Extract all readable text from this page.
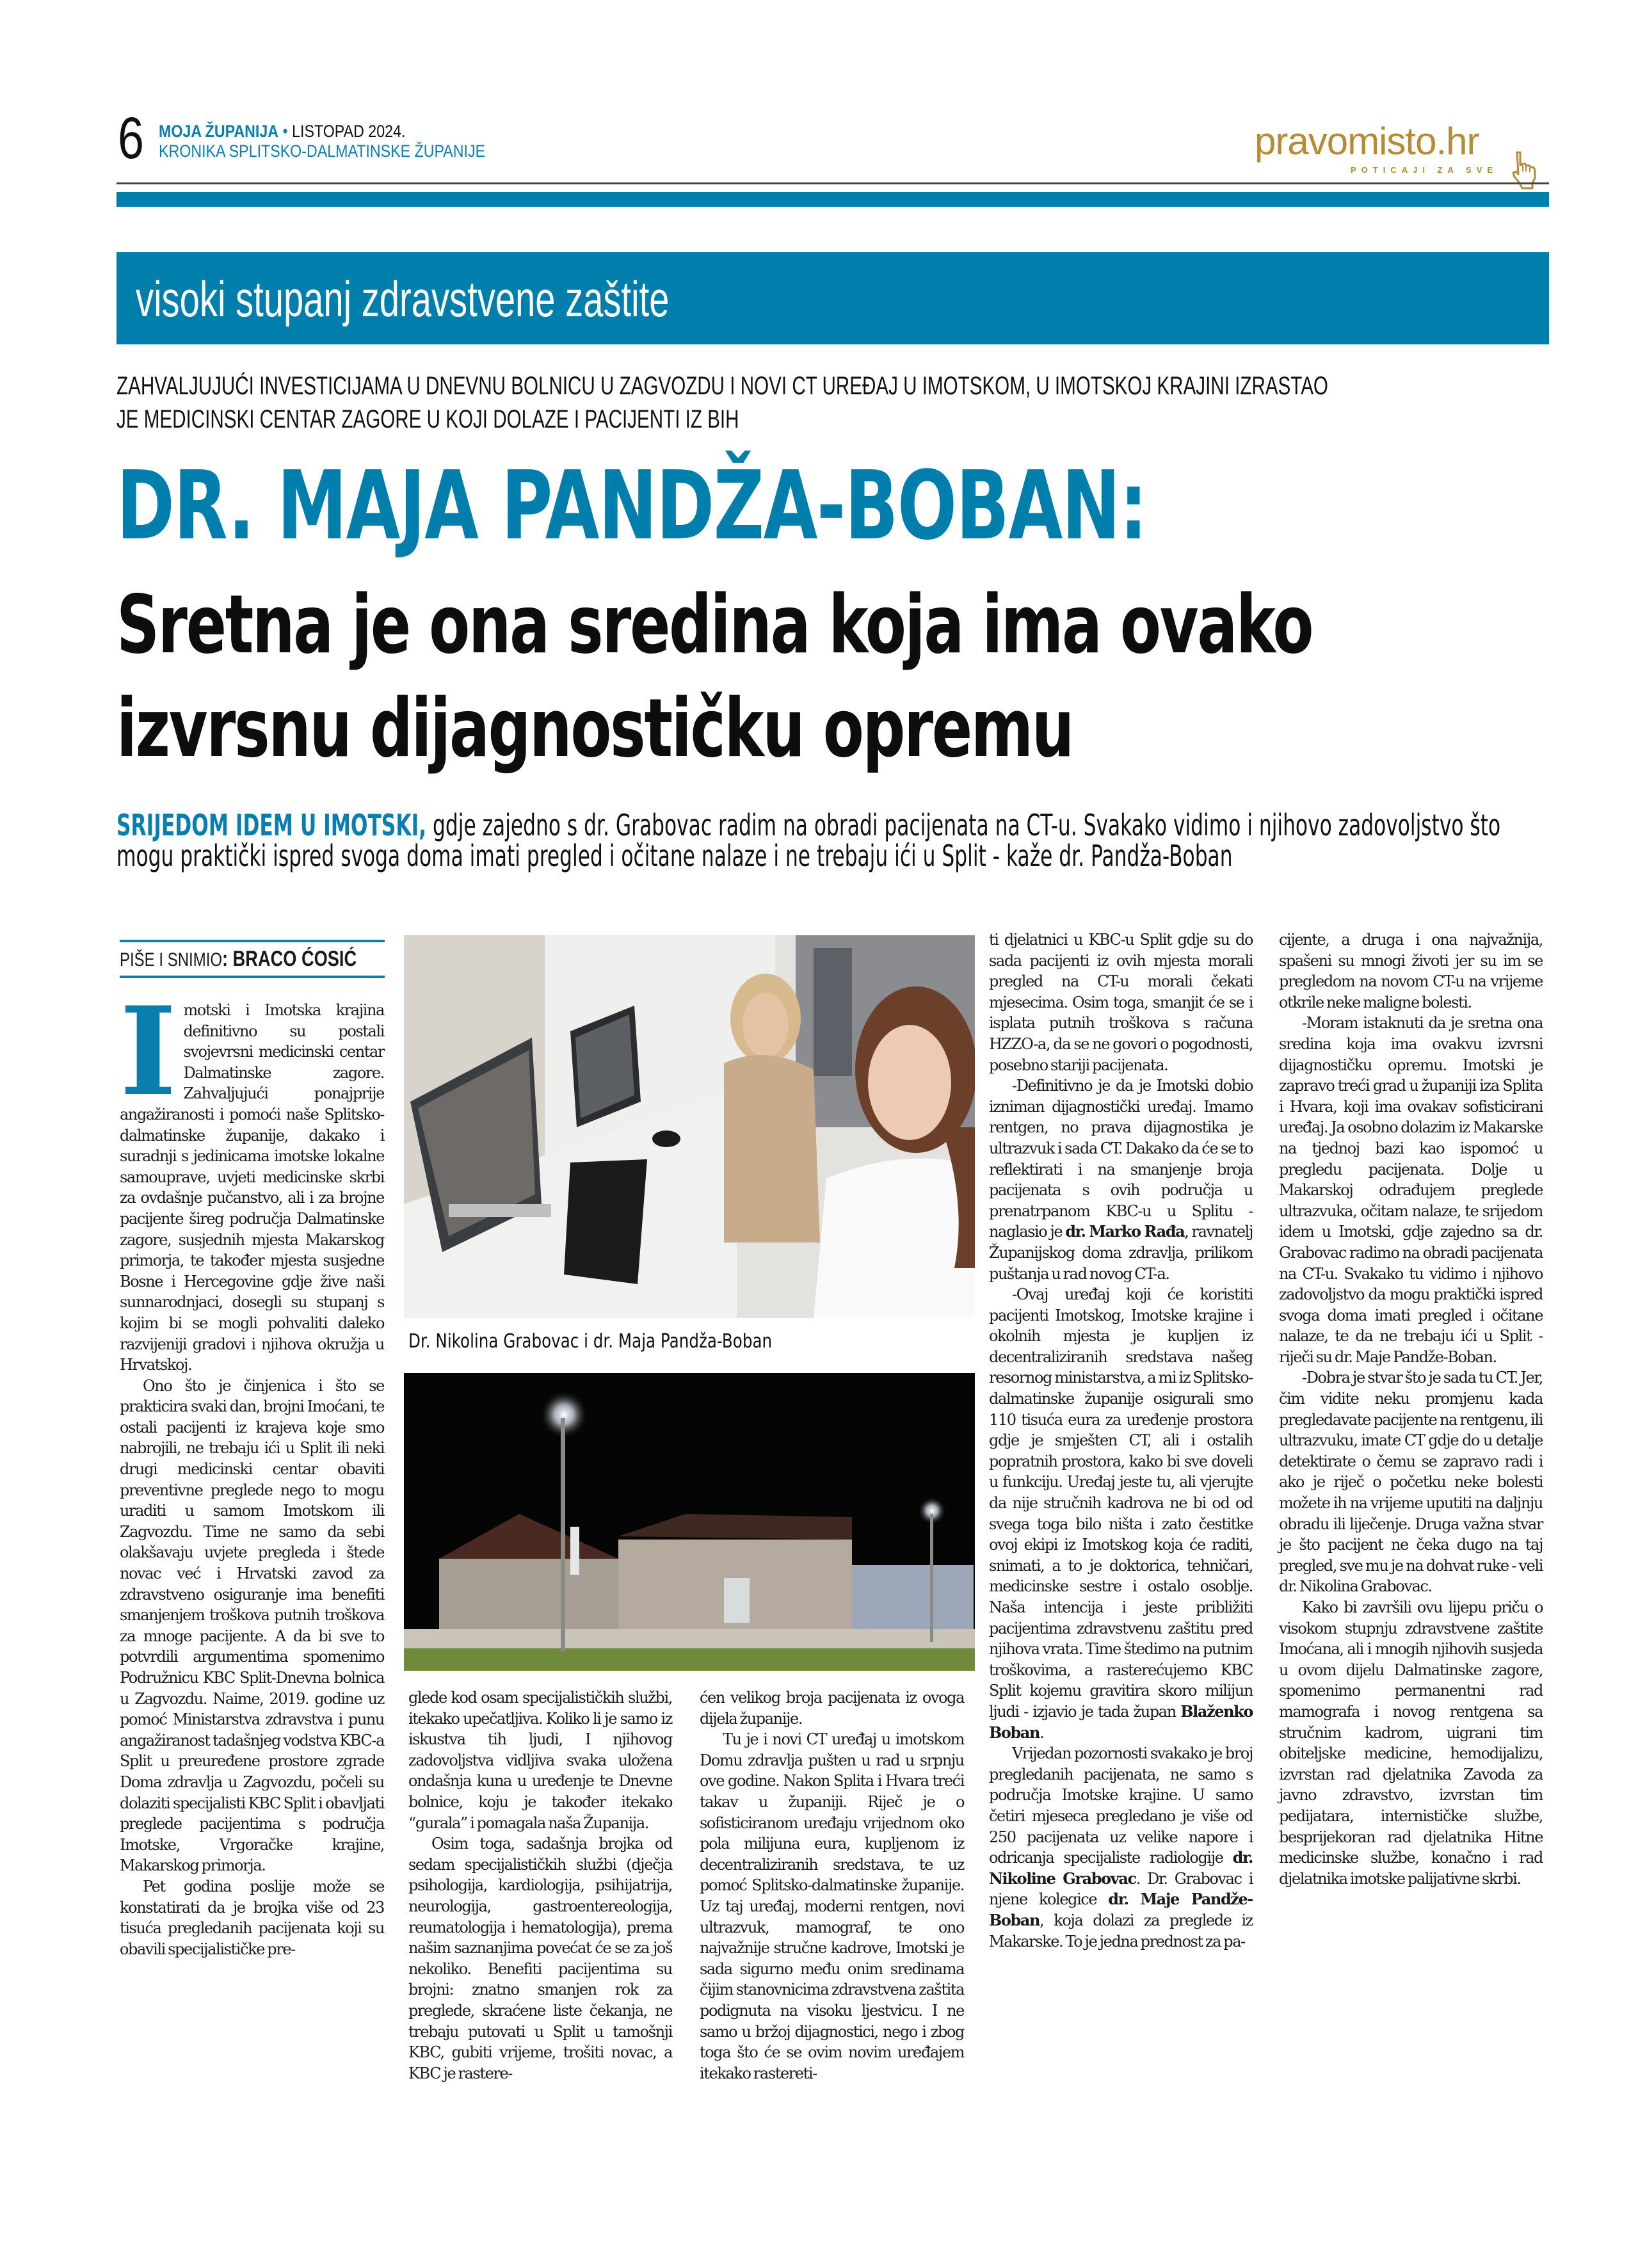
6 MOJA ŽUPANIJA • LISTOPAD 2024.
KRONIKA SPLITSKO-DALMATINSKE ŽUPANIJE	pravomisto.hr
POTICAJI ZA SVE
visoki stupanj zdravstvene zaštite
ZAHVALJUJUĆI INVESTICIJAMA U DNEVNU BOLNICU U ZAGVOZDU I NOVI CT UREĐAJ U IMOTSKOM, U IMOTSKOJ KRAJINI IZRASTAO JE MEDICINSKI CENTAR ZAGORE U KOJI DOLAZE I PACIJENTI IZ BIH
DR. MAJA PANDŽA-BOBAN:
Sretna je ona sredina koja ima ovako izvrsnu dijagnostičku opremu
SRIJEDOM IDEM U IMOTSKI, gdje zajedno s dr. Grabovac radim na obradi pacijenata na CT-u. Svakako vidimo i njihovo zadovoljstvo što mogu praktički ispred svoga doma imati pregled i očitane nalaze i ne trebaju ići u Split - kaže dr. Pandža-Boban
PIŠE I SNIMIO: BRACO ĆOSIĆ

Imotski i Imotska krajina definitivno su postali svojevrsni medicinski centar Dalmatinske zagore. Zahvaljujući ponajprije angažiranosti i pomoći naše Splitsko-dalmatinske županije, dakako i suradnji s jedinicama imotske lokalne samouprave, uvjeti medicinske skrbi za ovdašnje pučanstvo, ali i za brojne pacijente šireg područja Dalmatinske zagore, susjednih mjesta Makarskog primorja, te također mjesta susjedne Bosne i Hercegovine gdje žive naši sunnarodnjaci, dosegli su stupanj s kojim bi se mogli pohvaliti daleko razvijeniji gradovi i njihova okružja u Hrvatskoj.

Ono što je činjenica i što se prakticira svaki dan, brojni Imoćani, te ostali pacijenti iz krajeva koje smo nabrojili, ne trebaju ići u Split ili neki drugi medicinski centar obaviti preventivne preglede nego to mogu uraditi u samom Imotskom ili Zagvozdu. Time ne samo da sebi olakšavaju uvjete pregleda i štede novac već i Hrvatski zavod za zdravstveno osiguranje ima benefiti smanjenjem troškova putnih troškova za mnoge pacijente. A da bi sve to potvrdili argumentima spomenimo Podružnicu KBC Split-Dnevna bolnica u Zagvozdu. Naime, 2019. godine uz pomoć Ministarstva zdravstva i punu angažiranost tadašnjeg vodstva KBC-a Split u preuređene prostore zgrade Doma zdravlja u Zagvozdu, počeli su dolaziti specijalisti KBC Split i obavljati preglede pacijentima s područja Imotske, Vrgoračke krajine, Makarskog primorja.

Pet godina poslije može se konstatirati da je brojka više od 23 tisuća pregledanih pacijenata koji su obavili specijalističke pre-

Dr. Nikolina Grabovac i dr. Maja Pandža-Boban

glede kod osam specijalističkih službi, itekako upečatljiva. Koliko li je samo iz iskustva tih ljudi, I njihovog zadovoljstva vidljiva svaka uložena ondašnja kuna u uređenje te Dnevne bolnice, koju je također itekako “gurala” i pomagala naša Županija.

Osim toga, sadašnja brojka od sedam specijalističkih službi (dječja psihologija, kardiologija, psihijatrija, neurologija, gastroentereologija, reumatologija i hematologija), prema našim saznanjima povećat će se za još nekoliko. Benefiti pacijentima su brojni: znatno smanjen rok za preglede, skraćene liste čekanja, ne trebaju putovati u Split u tamošnji KBC, gubiti vrijeme, trošiti novac, a KBC je rastere-

ćen velikog broja pacijenata iz ovoga dijela županije.

Tu je i novi CT uređaj u imotskom Domu zdravlja pušten u rad u srpnju ove godine. Nakon Splita i Hvara treći takav u županiji. Riječ je o sofisticiranom uređaju vrijednom oko pola milijuna eura, kupljenom iz decentraliziranih sredstava, te uz pomoć Splitsko-dalmatinske županije. Uz taj uređaj, moderni rentgen, novi ultrazvuk, mamograf, te ono najvažnije stručne kadrove, Imotski je sada sigurno među onim sredinama čijim stanovnicima zdravstvena zaštita podignuta na visoku ljestvicu. I ne samo u bržoj dijagnostici, nego i zbog toga što će se ovim novim uređajem itekako rastereti-

ti djelatnici u KBC-u Split gdje su do sada pacijenti iz ovih mjesta morali pregled na CT-u morali čekati mjesecima. Osim toga, smanjit će se i isplata putnih troškova s računa HZZO-a, da se ne govori o pogodnosti, posebno stariji pacijenata.

-Definitivno je da je Imotski dobio izniman dijagnostički uređaj. Imamo rentgen, no prava dijagnostika je ultrazvuk i sada CT. Dakako da će se to reflektirati i na smanjenje broja pacijenata s ovih područja u prenatrpanom KBC-u u Splitu - naglasio je dr. Marko Rađa, ravnatelj Županijskog doma zdravlja, prilikom puštanja u rad novog CT-a.

-Ovaj uređaj koji će koristiti pacijenti Imotskog, Imotske krajine i okolnih mjesta je kupljen iz decentraliziranih sredstava našeg resornog ministarstva, a mi iz Splitsko-dalmatinske županije osigurali smo 110 tisuća eura za uređenje prostora gdje je smješten CT, ali i ostalih popratnih prostora, kako bi sve doveli u funkciju. Uređaj jeste tu, ali vjerujte da nije stručnih kadrova ne bi od od svega toga bilo ništa i zato čestitke ovoj ekipi iz Imotskog koja će raditi, snimati, a to je doktorica, tehničari, medicinske sestre i ostalo osoblje. Naša intencija i jeste približiti pacijentima zdravstvenu zaštitu pred njihova vrata. Time štedimo na putnim troškovima, a rasterećujemo KBC Split kojemu gravitira skoro milijun ljudi - izjavio je tada župan Blaženko Boban.

Vrijedan pozornosti svakako je broj pregledanih pacijenata, ne samo s područja Imotske krajine. U samo četiri mjeseca pregledano je više od 250 pacijenata uz velike napore i odricanja specijaliste radiologije dr. Nikoline Grabovac. Dr. Grabovac i njene kolegice dr. Maje Pandže-Boban, koja dolazi za preglede iz Makarske. To je jedna prednost za pa-

cijente, a druga i ona najvažnija, spašeni su mnogi životi jer su im se pregledom na novom CT-u na vrijeme otkrile neke maligne bolesti.

-Moram istaknuti da je sretna ona sredina koja ima ovakvu izvrsni dijagnostičku opremu. Imotski je zapravo treći grad u županiji iza Splita i Hvara, koji ima ovakav sofisticirani uređaj. Ja osobno dolazim iz Makarske na tjednoj bazi kao ispomoć u pregledu pacijenata. Dolje u Makarskoj odrađujem preglede ultrazvuka, očitam nalaze, te srijedom idem u Imotski, gdje zajedno sa dr. Grabovac radimo na obradi pacijenata na CT-u. Svakako tu vidimo i njihovo zadovoljstvo da mogu praktički ispred svoga doma imati pregled i očitane nalaze, te da ne trebaju ići u Split - riječi su dr. Maje Pandže-Boban.

-Dobra je stvar što je sada tu CT. Jer, čim vidite neku promjenu kada pregledavate pacijente na rentgenu, ili ultrazvuku, imate CT gdje do u detalje detektirate o čemu se zapravo radi i ako je riječ o početku neke bolesti možete ih na vrijeme uputiti na daljnju obradu ili liječenje. Druga važna stvar je što pacijent ne čeka dugo na taj pregled, sve mu je na dohvat ruke - veli dr. Nikolina Grabovac.

Kako bi završili ovu lijepu priču o visokom stupnju zdravstvene zaštite Imoćana, ali i mnogih njihovih susjeda u ovom dijelu Dalmatinske zagore, spomenimo permanentni rad mamografa i novog rentgena sa stručnim kadrom, uigrani tim obiteljske medicine, hemodijalizu, izvrstan rad djelatnika Zavoda za javno zdravstvo, izvrstan tim pedijatara, internističke službe, besprijekoran rad djelatnika Hitne medicinske službe, konačno i rad djelatnika imotske palijativne skrbi.
